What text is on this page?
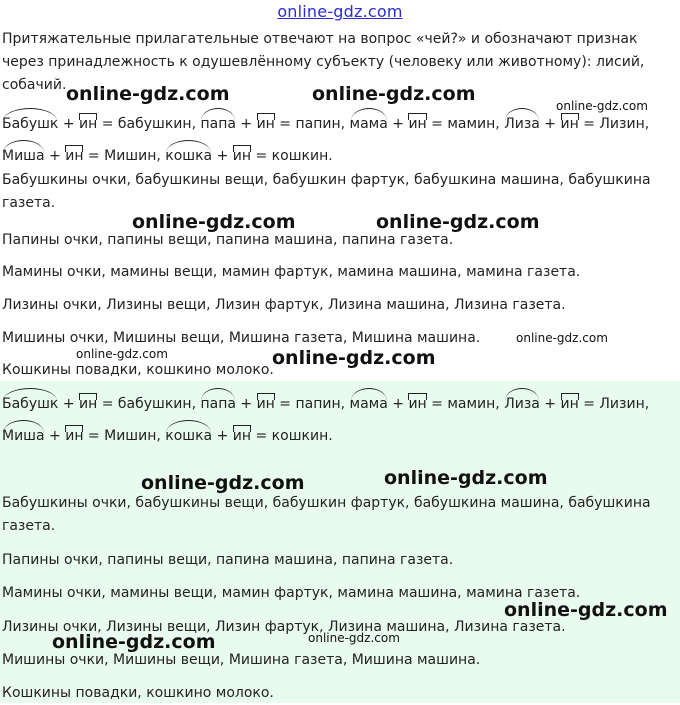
online-gdz.com

Притяжательные прилагательные отвечают на вопрос «чей?» и обозначают признак через принадлежность к одушевлённому субъекту (человеку или животному): лисий, собачий.

Бабушк + ин = бабушкин, папа + ин = папин, мама + ин = мамин, Лиза + ин = Лизин,
Миша + ин = Мишин, кошка + ин = кошкин.

Бабушкины очки, бабушкины вещи, бабушкин фартук, бабушкина машина, бабушкина газета.

Папины очки, папины вещи, папина машина, папина газета.

Мамины очки, мамины вещи, мамин фартук, мамина машина, мамина газета.

Лизины очки, Лизины вещи, Лизин фартук, Лизина машина, Лизина газета.

Мишины очки, Мишины вещи, Мишина газета, Мишина машина.

Кошкины повадки, кошкино молоко.

Бабушк + ин = бабушкин, папа + ин = папин, мама + ин = мамин, Лиза + ин = Лизин,
Миша + ин = Мишин, кошка + ин = кошкин.

Бабушкины очки, бабушкины вещи, бабушкин фартук, бабушкина машина, бабушкина газета.

Папины очки, папины вещи, папина машина, папина газета.

Мамины очки, мамины вещи, мамин фартук, мамина машина, мамина газета.

Лизины очки, Лизины вещи, Лизин фартук, Лизина машина, Лизина газета.

Мишины очки, Мишины вещи, Мишина газета, Мишина машина.

Кошкины повадки, кошкино молоко.

online-gdz.com	online-gdz.com
online-gdz.com
online-gdz.com	online-gdz.com
online-gdz.com
online-gdz.com	online-gdz.com
online-gdz.com	online-gdz.com
online-gdz.com
online-gdz.com
online-gdz.com
